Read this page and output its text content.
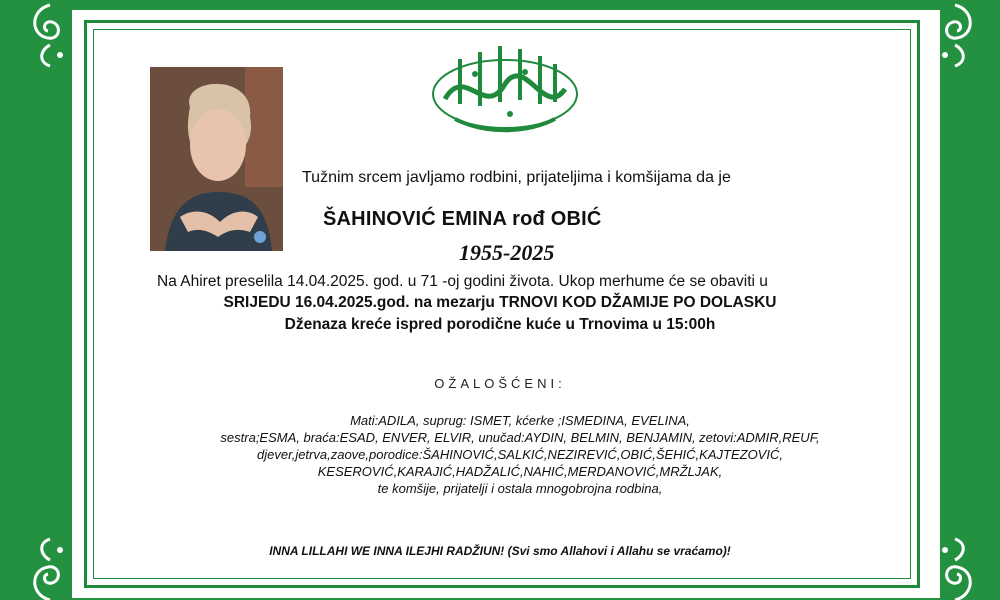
Tužnim srcem javljamo rodbini, prijateljima i komšijama da je
ŠAHINOVIĆ EMINA rođ OBIĆ
1955-2025
Na Ahiret preselila 14.04.2025. god. u 71 -oj godini života. Ukop merhume će se obaviti u
SRIJEDU 16.04.2025.god. na mezarju TRNOVI KOD DŽAMIJE PO DOLASKU
Dženaza kreće ispred porodične kuće u Trnovima u 15:00h
OŽALOŠĆENI:
Mati:ADILA, suprug: ISMET, kćerke ;ISMEDINA, EVELINA,
sestra;ESMA, braća:ESAD, ENVER, ELVIR, unučad:AYDIN, BELMIN, BENJAMIN, zetovi:ADMIR,REUF,
djever,jetrva,zaove,porodice:ŠAHINOVIĆ,SALKIĆ,NEZIREVIĆ,OBIĆ,ŠEHIĆ,KAJTEZOVIĆ,
KESEROVIĆ,KARAJIĆ,HADŽALIĆ,NAHIĆ,MERDANOVIĆ,MRŽLJAK,
te komšije, prijatelji i ostala mnogobrojna rodbina,
INNA LILLAHI WE INNA ILEJHI RADŽIUN! (Svi smo Allahovi i Allahu se vraćamo)!
